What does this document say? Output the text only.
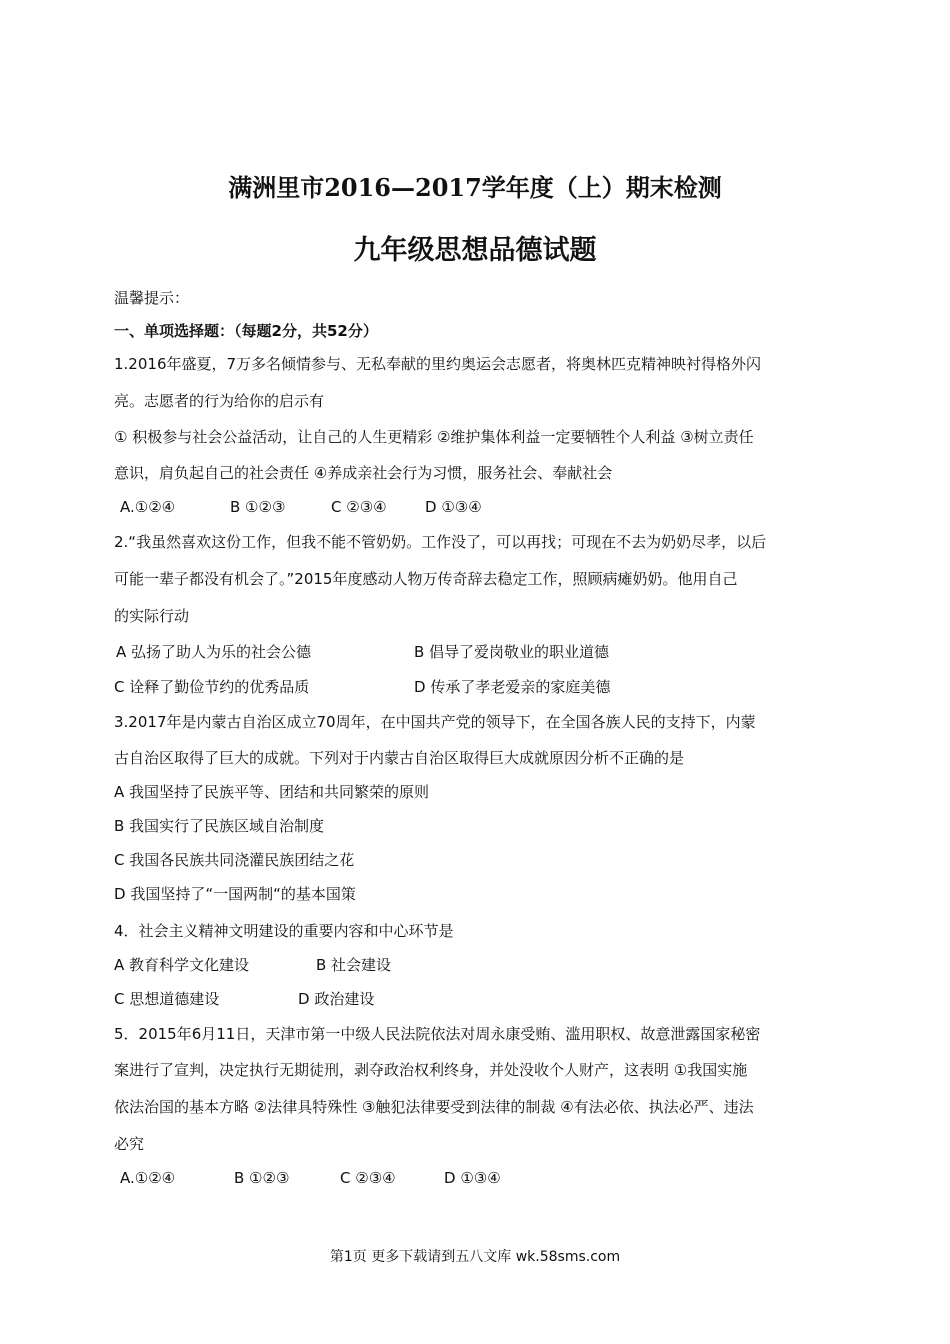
满洲里市2016—2017学年度（上）期末检测
九年级思想品德试题
温馨提示：
一、单项选择题：（每题2分，共52分）
1.2016年盛夏，7万多名倾情参与、无私奉献的里约奥运会志愿者，将奥林匹克精神映衬得格外闪
亮。志愿者的行为给你的启示有
① 积极参与社会公益活动，让自己的人生更精彩 ②维护集体利益一定要牺牲个人利益 ③树立责任
意识，肩负起自己的社会责任 ④养成亲社会行为习惯，服务社会、奉献社会
A.①②④	B ①②③	C ②③④	D ①③④
2.“我虽然喜欢这份工作，但我不能不管奶奶。工作没了，可以再找；可现在不去为奶奶尽孝，以后
可能一辈子都没有机会了。”2015年度感动人物万传奇辞去稳定工作，照顾病瘫奶奶。他用自己
的实际行动
A 弘扬了助人为乐的社会公德	B 倡导了爱岗敬业的职业道德
C 诠释了勤俭节约的优秀品质	D 传承了孝老爱亲的家庭美德
3.2017年是内蒙古自治区成立70周年，在中国共产党的领导下，在全国各族人民的支持下，内蒙
古自治区取得了巨大的成就。下列对于内蒙古自治区取得巨大成就原因分析不正确的是
A 我国坚持了民族平等、团结和共同繁荣的原则
B 我国实行了民族区域自治制度
C 我国各民族共同浇灌民族团结之花
D 我国坚持了“一国两制“的基本国策
4．社会主义精神文明建设的重要内容和中心环节是
A 教育科学文化建设	B 社会建设
C 思想道德建设	D 政治建设
5．2015年6月11日，天津市第一中级人民法院依法对周永康受贿、滥用职权、故意泄露国家秘密
案进行了宣判，决定执行无期徒刑，剥夺政治权利终身，并处没收个人财产，这表明 ①我国实施
依法治国的基本方略 ②法律具特殊性 ③触犯法律要受到法律的制裁 ④有法必依、执法必严、违法
必究
A.①②④	B ①②③	C ②③④	D ①③④
第1页 更多下载请到五八文库 wk.58sms.com
